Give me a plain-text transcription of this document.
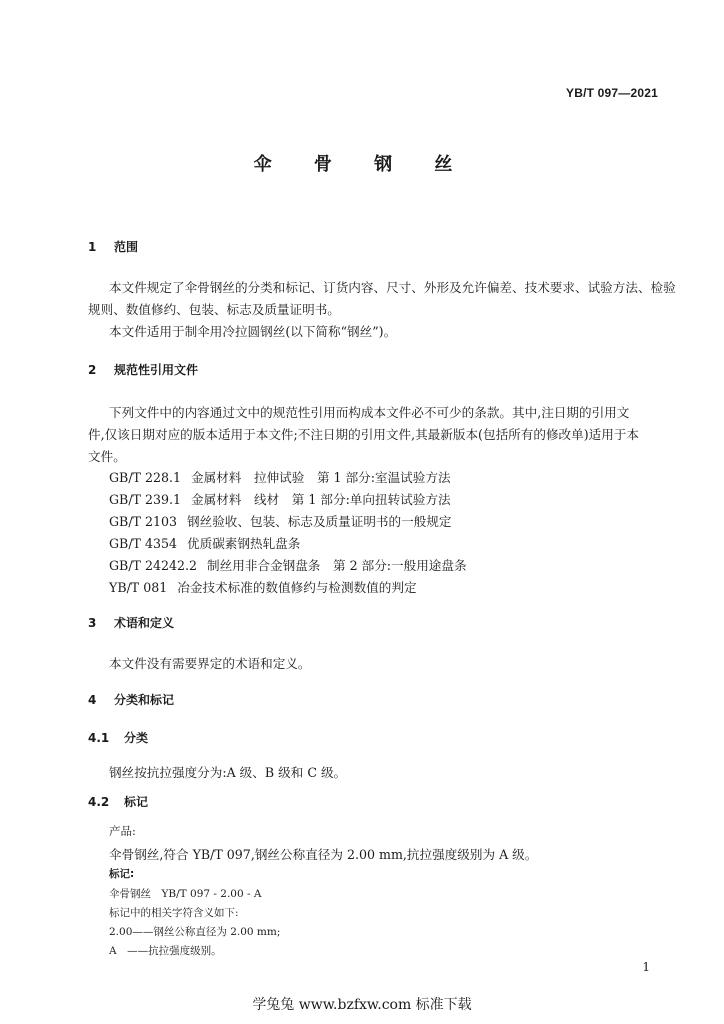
YB/T 097—2021
伞 骨 钢 丝
1 范围
本文件规定了伞骨钢丝的分类和标记、订货内容、尺寸、外形及允许偏差、技术要求、试验方法、检验
规则、数值修约、包装、标志及质量证明书。
本文件适用于制伞用冷拉圆钢丝(以下简称“钢丝”)。
2 规范性引用文件
下列文件中的内容通过文中的规范性引用而构成本文件必不可少的条款。其中,注日期的引用文
件,仅该日期对应的版本适用于本文件;不注日期的引用文件,其最新版本(包括所有的修改单)适用于本
文件。
GB/T 228.1 金属材料　拉伸试验　第 1 部分:室温试验方法
GB/T 239.1 金属材料　线材　第 1 部分:单向扭转试验方法
GB/T 2103 钢丝验收、包装、标志及质量证明书的一般规定
GB/T 4354 优质碳素钢热轧盘条
GB/T 24242.2 制丝用非合金钢盘条　第 2 部分:一般用途盘条
YB/T 081 冶金技术标准的数值修约与检测数值的判定
3 术语和定义
本文件没有需要界定的术语和定义。
4 分类和标记
4.1 分类
钢丝按抗拉强度分为:A 级、B 级和 C 级。
4.2 标记
产品:
伞骨钢丝,符合 YB/T 097,钢丝公称直径为 2.00 mm,抗拉强度级别为 A 级。
标记:
伞骨钢丝　YB/T 097 - 2.00 - A
标记中的相关字符含义如下:
2.00——钢丝公称直径为 2.00 mm;
A　——抗拉强度级别。
1
学兔兔 www.bzfxw.com 标准下载
